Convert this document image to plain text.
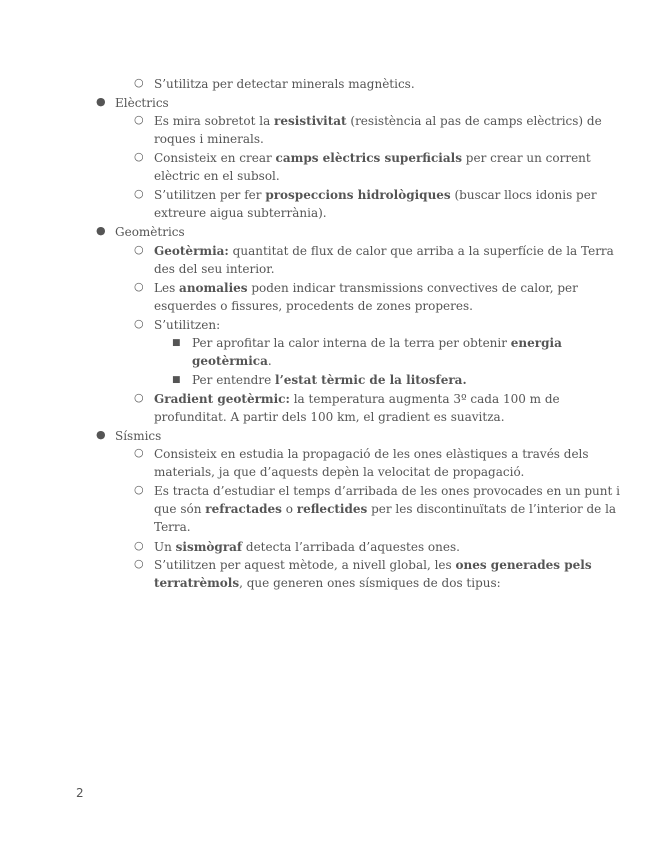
○ S’utilitza per detectar minerals magnètics.
● Elèctrics
○ Es mira sobretot la resistivitat (resistència al pas de camps elèctrics) de
roques i minerals.
○ Consisteix en crear camps elèctrics superficials per crear un corrent
elèctric en el subsol.
○ S’utilitzen per fer prospeccions hidrològiques (buscar llocs idonis per
extreure aigua subterrània).
● Geomètrics
○ Geotèrmia: quantitat de flux de calor que arriba a la superfície de la Terra
des del seu interior.
○ Les anomalies poden indicar transmissions convectives de calor, per
esquerdes o fissures, procedents de zones properes.
○ S’utilitzen:
■ Per aprofitar la calor interna de la terra per obtenir energia
geotèrmica.
■ Per entendre l’estat tèrmic de la litosfera.
○ Gradient geotèrmic: la temperatura augmenta 3º cada 100 m de
profunditat. A partir dels 100 km, el gradient es suavitza.
● Sísmics
○ Consisteix en estudia la propagació de les ones elàstiques a través dels
materials, ja que d’aquests depèn la velocitat de propagació.
○ Es tracta d’estudiar el temps d’arribada de les ones provocades en un punt i
que són refractades o reflectides per les discontinuïtats de l’interior de la
Terra.
○ Un sismògraf detecta l’arribada d’aquestes ones.
○ S’utilitzen per aquest mètode, a nivell global, les ones generades pels
terratrèmols, que generen ones sísmiques de dos tipus:
2
